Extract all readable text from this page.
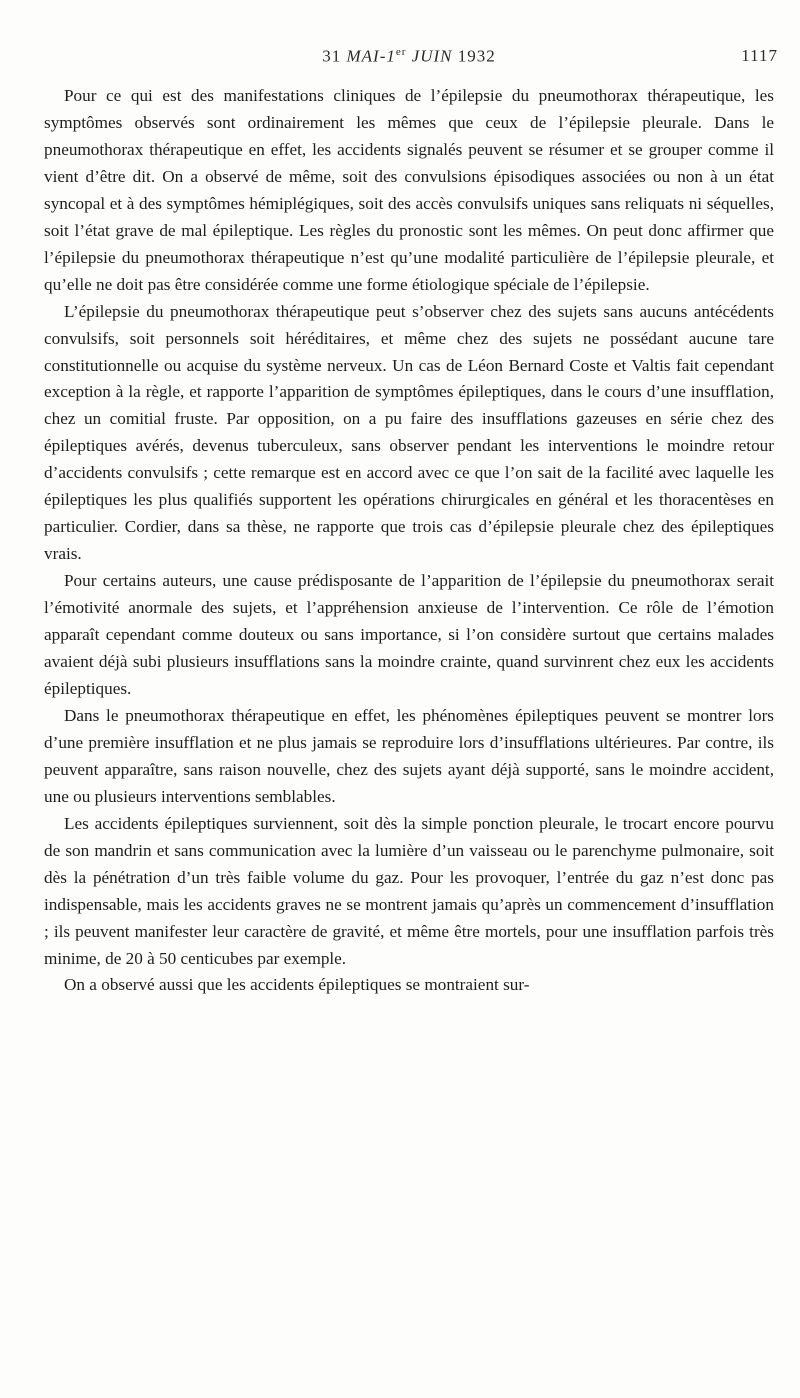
31 MAI-1er JUIN 1932	1117

Pour ce qui est des manifestations cliniques de l’épilepsie du pneumothorax thérapeutique, les symptômes observés sont ordinairement les mêmes que ceux de l’épilepsie pleurale. Dans le pneumothorax thérapeutique en effet, les accidents signalés peuvent se résumer et se grouper comme il vient d’être dit. On a observé de même, soit des convulsions épisodiques associées ou non à un état syncopal et à des symptômes hémiplégiques, soit des accès convulsifs uniques sans reliquats ni séquelles, soit l’état grave de mal épileptique. Les règles du pronostic sont les mêmes. On peut donc affirmer que l’épilepsie du pneumothorax thérapeutique n’est qu’une modalité particulière de l’épilepsie pleurale, et qu’elle ne doit pas être considérée comme une forme étiologique spéciale de l’épilepsie.

L’épilepsie du pneumothorax thérapeutique peut s’observer chez des sujets sans aucuns antécédents convulsifs, soit personnels soit héréditaires, et même chez des sujets ne possédant aucune tare constitutionnelle ou acquise du système nerveux. Un cas de Léon Bernard Coste et Valtis fait cependant exception à la règle, et rapporte l’apparition de symptômes épileptiques, dans le cours d’une insufflation, chez un comitial fruste. Par opposition, on a pu faire des insufflations gazeuses en série chez des épileptiques avérés, devenus tuberculeux, sans observer pendant les interventions le moindre retour d’accidents convulsifs ; cette remarque est en accord avec ce que l’on sait de la facilité avec laquelle les épileptiques les plus qualifiés supportent les opérations chirurgicales en général et les thoracentèses en particulier. Cordier, dans sa thèse, ne rapporte que trois cas d’épilepsie pleurale chez des épileptiques vrais.

Pour certains auteurs, une cause prédisposante de l’apparition de l’épilepsie du pneumothorax serait l’émotivité anormale des sujets, et l’appréhension anxieuse de l’intervention. Ce rôle de l’émotion apparaît cependant comme douteux ou sans importance, si l’on considère surtout que certains malades avaient déjà subi plusieurs insufflations sans la moindre crainte, quand survinrent chez eux les accidents épileptiques.

Dans le pneumothorax thérapeutique en effet, les phénomènes épileptiques peuvent se montrer lors d’une première insufflation et ne plus jamais se reproduire lors d’insufflations ultérieures. Par contre, ils peuvent apparaître, sans raison nouvelle, chez des sujets ayant déjà supporté, sans le moindre accident, une ou plusieurs interventions semblables.

Les accidents épileptiques surviennent, soit dès la simple ponction pleurale, le trocart encore pourvu de son mandrin et sans communication avec la lumière d’un vaisseau ou le parenchyme pulmonaire, soit dès la pénétration d’un très faible volume du gaz. Pour les provoquer, l’entrée du gaz n’est donc pas indispensable, mais les accidents graves ne se montrent jamais qu’après un commencement d’insufflation ; ils peuvent manifester leur caractère de gravité, et même être mortels, pour une insufflation parfois très minime, de 20 à 50 centicubes par exemple.

On a observé aussi que les accidents épileptiques se montraient sur-
